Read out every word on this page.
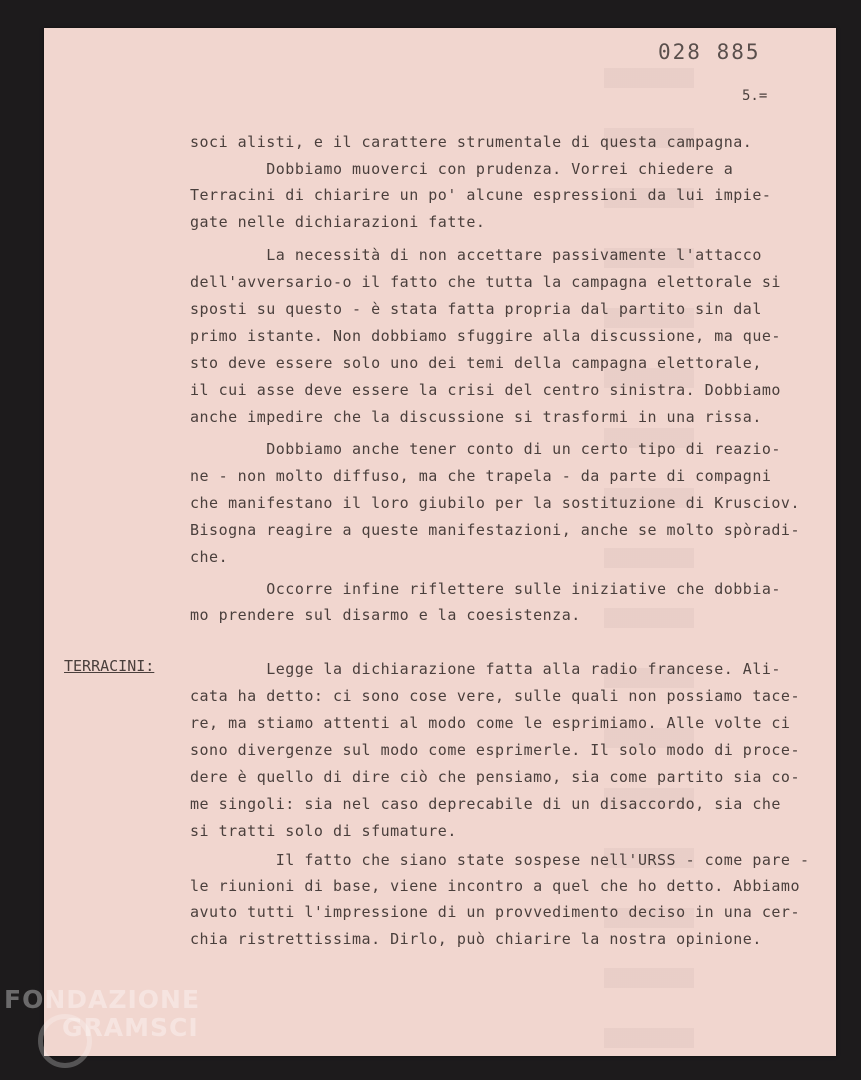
028 885
5.=
TERRACINI:
soci alisti, e il carattere strumentale di questa campagna.
Dobbiamo muoverci con prudenza. Vorrei chiedere a
Terracini di chiarire un po' alcune espressioni da lui impie-
gate nelle dichiarazioni fatte.
La necessità di non accettare passivamente l'attacco
dell'avversario-o il fatto che tutta la campagna elettorale si
sposti su questo - è stata fatta propria dal partito sin dal
primo istante. Non dobbiamo sfuggire alla discussione, ma que-
sto deve essere solo uno dei temi della campagna elettorale,
il cui asse deve essere la crisi del centro sinistra. Dobbiamo
anche impedire che la discussione si trasformi in una rissa.
Dobbiamo anche tener conto di un certo tipo di reazio-
ne - non molto diffuso, ma che trapela - da parte di compagni
che manifestano il loro giubilo per la sostituzione di Krusciov.
Bisogna reagire a queste manifestazioni, anche se molto spòradi-
che.
Occorre infine riflettere sulle iniziative che dobbia-
mo prendere sul disarmo e la coesistenza.
Legge la dichiarazione fatta alla radio francese. Ali-
cata ha detto: ci sono cose vere, sulle quali non possiamo tace-
re, ma stiamo attenti al modo come le esprimiamo. Alle volte ci
sono divergenze sul modo come esprimerle. Il solo modo di proce-
dere è quello di dire ciò che pensiamo, sia come partito sia co-
me singoli: sia nel caso deprecabile di un disaccordo, sia che
si tratti solo di sfumature.
Il fatto che siano state sospese nell'URSS - come pare -
le riunioni di base, viene incontro a quel che ho detto. Abbiamo
avuto tutti l'impressione di un provvedimento deciso in una cer-
chia ristrettissima. Dirlo, può chiarire la nostra opinione.
FONDAZIONE
GRAMSCI
